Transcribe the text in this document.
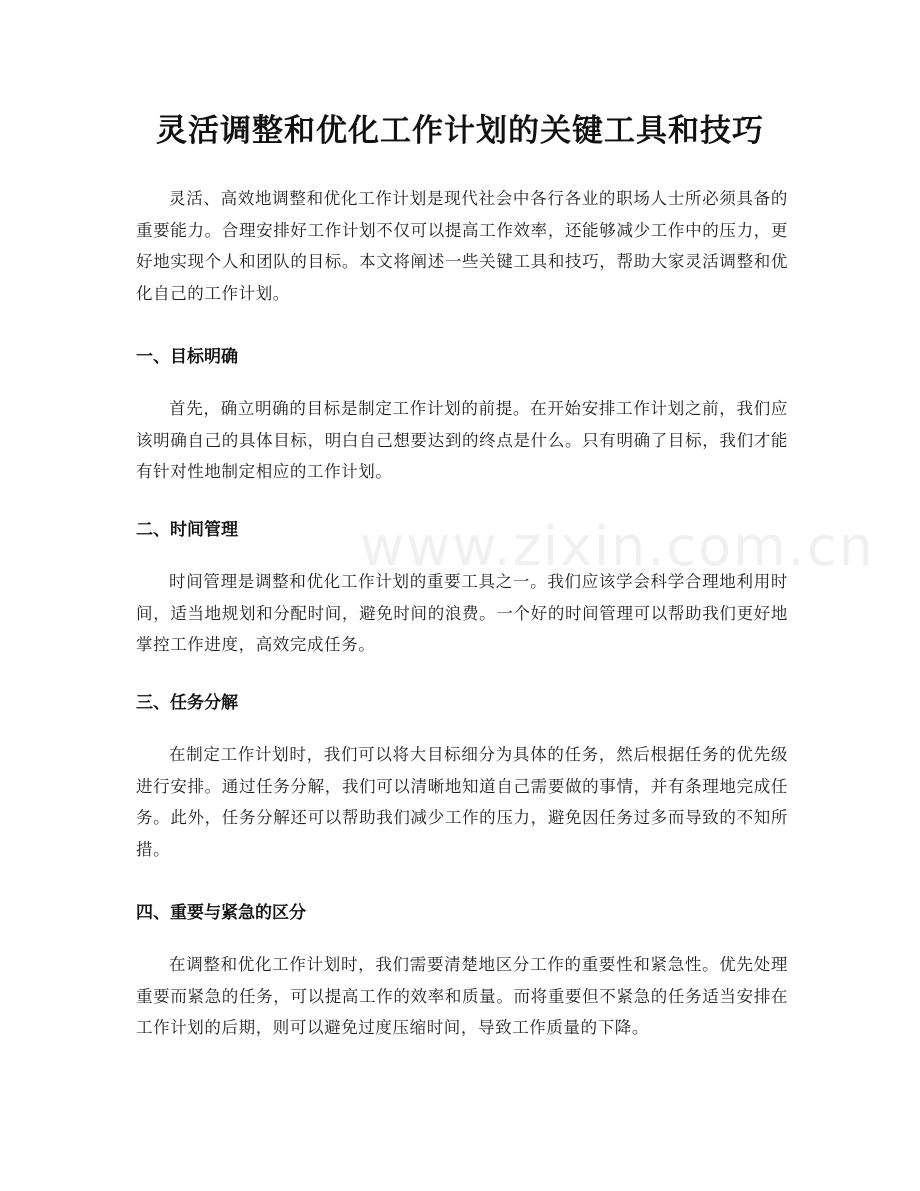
www.zixin.com.cn
灵活调整和优化工作计划的关键工具和技巧

灵活、高效地调整和优化工作计划是现代社会中各行各业的职场人士所必须具备的重要能力。合理安排好工作计划不仅可以提高工作效率，还能够减少工作中的压力，更好地实现个人和团队的目标。本文将阐述一些关键工具和技巧，帮助大家灵活调整和优化自己的工作计划。

一、目标明确

首先，确立明确的目标是制定工作计划的前提。在开始安排工作计划之前，我们应该明确自己的具体目标，明白自己想要达到的终点是什么。只有明确了目标，我们才能有针对性地制定相应的工作计划。

二、时间管理

时间管理是调整和优化工作计划的重要工具之一。我们应该学会科学合理地利用时间，适当地规划和分配时间，避免时间的浪费。一个好的时间管理可以帮助我们更好地掌控工作进度，高效完成任务。

三、任务分解

在制定工作计划时，我们可以将大目标细分为具体的任务，然后根据任务的优先级进行安排。通过任务分解，我们可以清晰地知道自己需要做的事情，并有条理地完成任务。此外，任务分解还可以帮助我们减少工作的压力，避免因任务过多而导致的不知所措。

四、重要与紧急的区分

在调整和优化工作计划时，我们需要清楚地区分工作的重要性和紧急性。优先处理重要而紧急的任务，可以提高工作的效率和质量。而将重要但不紧急的任务适当安排在工作计划的后期，则可以避免过度压缩时间，导致工作质量的下降。
